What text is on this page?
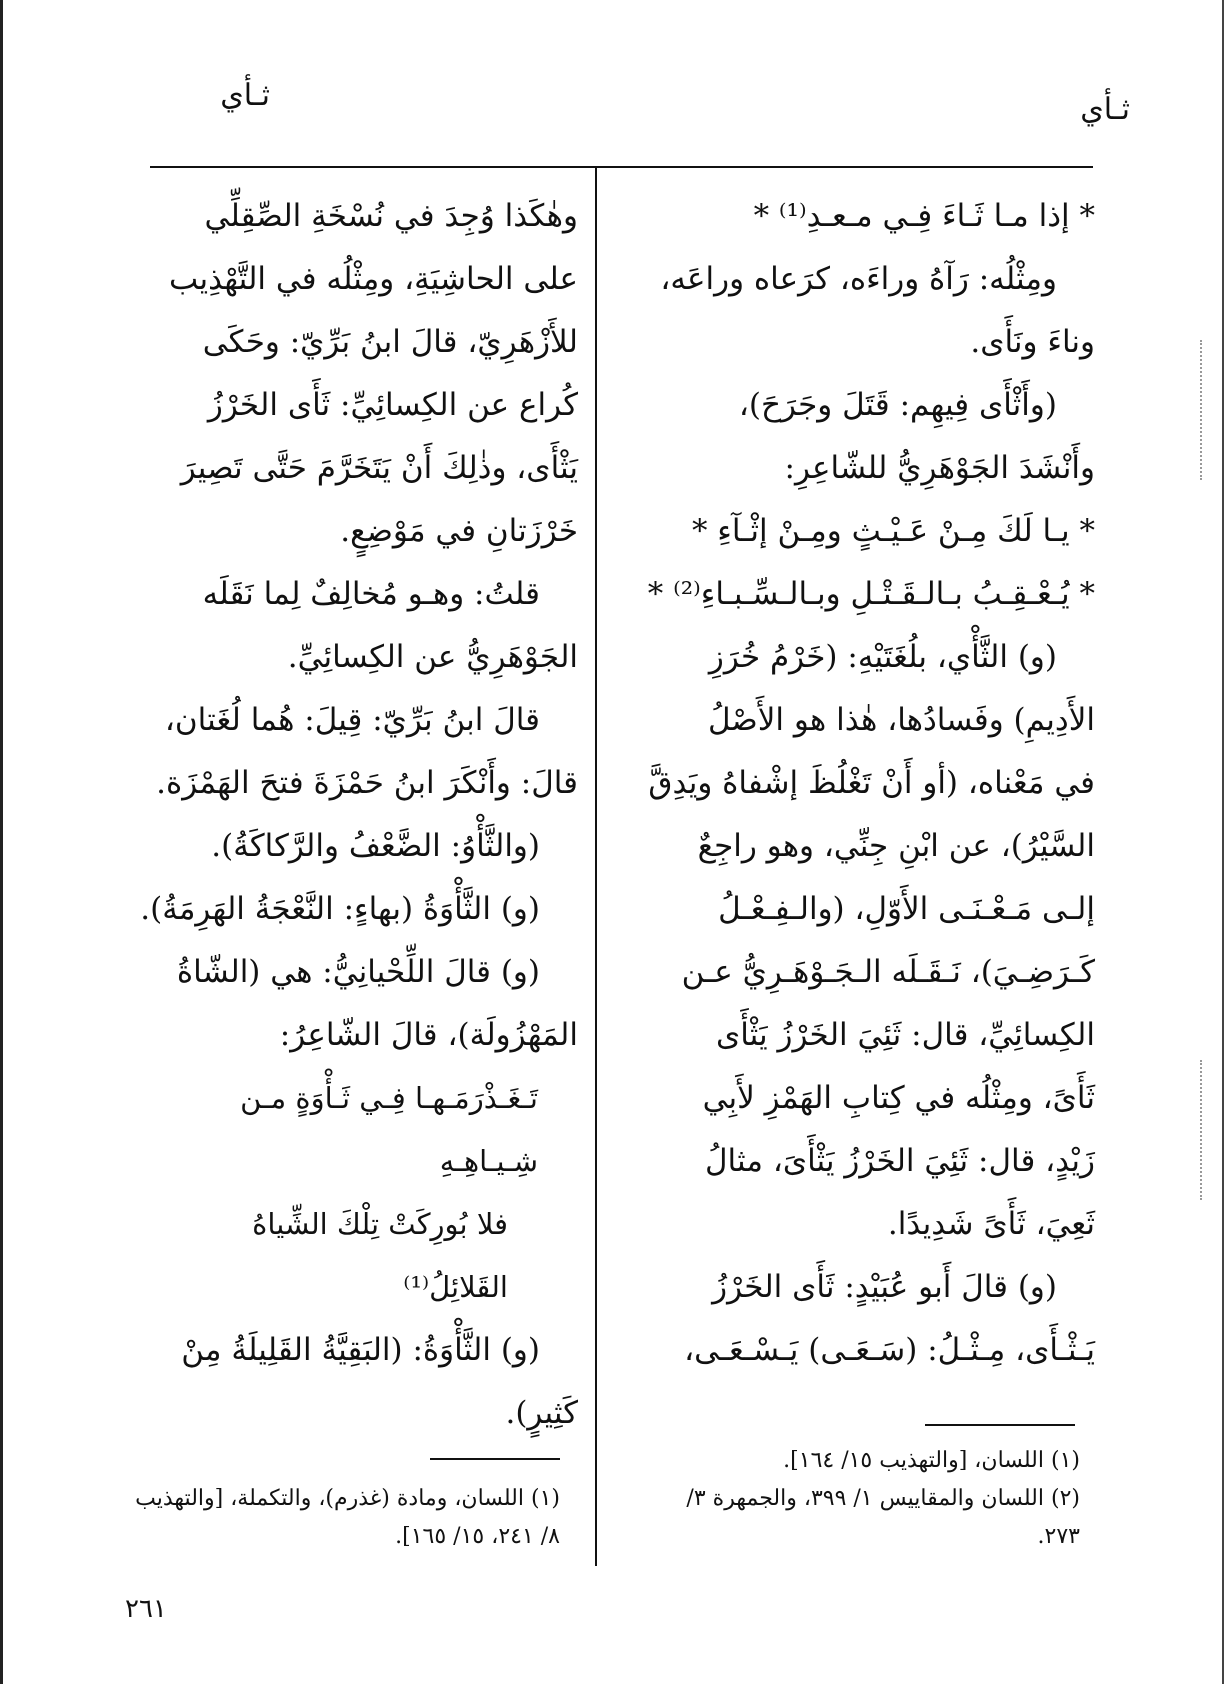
ثـأي
ثـأي

* إذا مـا ثَـاءَ فِـي مـعـدِ⁽¹⁾ *

ومِثْلُه: رَآهُ وراءَه، كرَعاه وراعَه،

وناءَ ونَأَى.

(وأَثْأَى فِيهِم: قَتَلَ وجَرَحَ)،

وأَنْشَدَ الجَوْهَرِيُّ للشّاعِرِ:

* يـا لَكَ مِـنْ عَـيْـثٍ ومِـنْ إثْـآءِ *

* يُـعْـقِـبُ بـالـقَـتْـلِ وبـالـسِّـبـاءِ⁽²⁾ *

(و) الثَّأْي، بلُغَتَيْهِ: (خَرْمُ خُرَزِ

الأَدِيمِ) وفَسادُها، هٰذا هو الأَصْلُ

في مَعْناه، (أو أَنْ تَغْلُظَ إشْفاهُ ويَدِقَّ

السَّيْرُ)، عن ابْنِ جِنِّي، وهو راجِعٌ

إلـى مَـعْـنَـى الأَوّلِ، (والـفِـعْـلُ

كَـرَضِـيَ)، نَـقَـلَه الـجَـوْهَـرِيُّ عـن

الكِسائِيِّ، قال: ثَئِيَ الخَرْزُ يَثْأَى

ثَأَىً، ومِثْلُه في كِتابِ الهَمْزِ لأَبِي

زَيْدٍ، قال: ثَئِيَ الخَرْزُ يَثْأَىَ، مثالُ

ثَعِيَ، ثَأَىً شَدِيدًا.

(و) قالَ أَبو عُبَيْدٍ: ثَأَى الخَرْزُ

يَـثْـأَى، مِـثْـلُ: (سَـعَـى) يَـسْـعَـى،

وهٰكَذا وُجِدَ في نُسْخَةِ الصِّقِلِّي

على الحاشِيَةِ، ومِثْلُه في التَّهْذِيب

للأَزْهَرِيّ، قالَ ابنُ بَرِّيّ: وحَكَى

كُراع عن الكِسائِيِّ: ثَأَى الخَرْزُ

يَثْأَى، وذٰلِكَ أَنْ يَتَخَرَّمَ حَتَّى تَصِيرَ

خَرْزَتانِ في مَوْضِعٍ.

قلتُ: وهـو مُخالِفٌ لِما نَقَلَه

الجَوْهَرِيُّ عن الكِسائِيِّ.

قالَ ابنُ بَرِّيّ: قِيلَ: هُما لُغَتان،

قالَ: وأَنْكَرَ ابنُ حَمْزَةَ فتحَ الهَمْزَة.

(والثَّأْوُ: الضَّعْفُ والرَّكاكَةُ).

(و) الثَّأْوَةُ (بهاءٍ: النَّعْجَةُ الهَرِمَةُ).

(و) قالَ اللِّحْيانِيُّ: هي (الشّاةُ

المَهْزُولَة)، قالَ الشّاعِرُ:

تَـغَـذْرَمَـهـا فِـي ثَـأْوَةٍ مـن شِـيـاهِـهِ

فلا بُورِكَتْ تِلْكَ الشِّياهُ القَلائِلُ⁽¹⁾

(و) الثَّأْوَةُ: (البَقِيَّةُ القَلِيلَةُ مِنْ

كَثِيرٍ).

(١) اللسان، [والتهذيب ١٥/ ١٦٤].

(٢) اللسان والمقاييس ١/ ٣٩٩، والجمهرة ٣/

٢٧٣.

(١) اللسان، ومادة (غذرم)، والتكملة، [والتهذيب

٨/ ٢٤١، ١٥/ ١٦٥].

٢٦١
